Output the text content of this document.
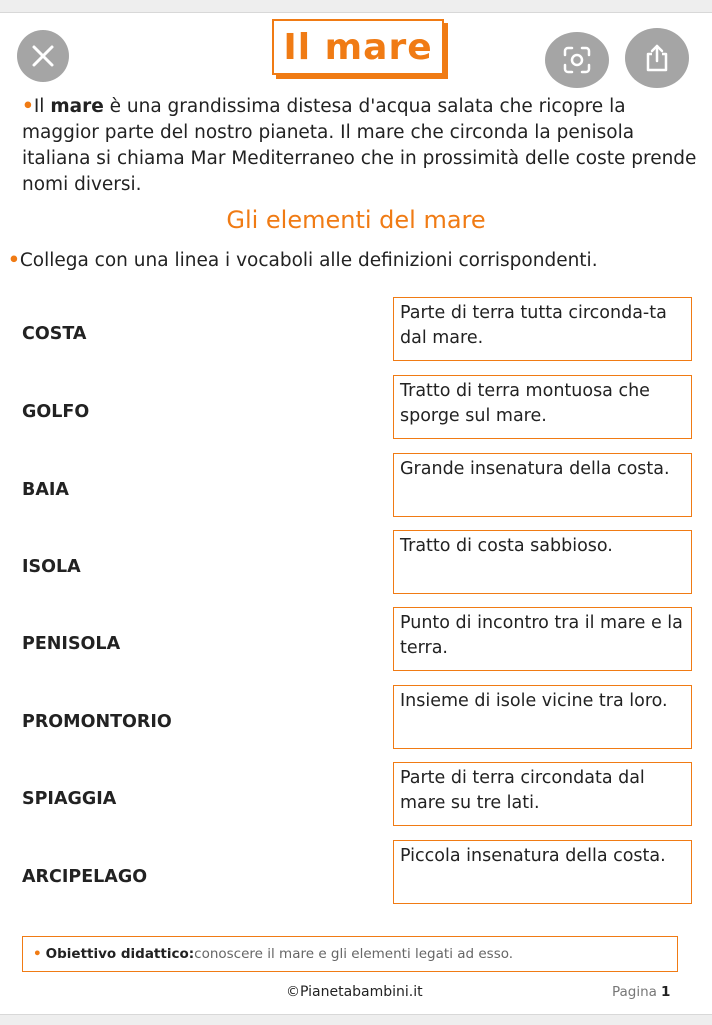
Il mare
•Il mare è una grandissima distesa d'acqua salata che ricopre la maggior parte del nostro pianeta. Il mare che circonda la penisola italiana si chiama Mar Mediterraneo che in prossimità delle coste prende nomi diversi.
Gli elementi del mare
•Collega con una linea i vocaboli alle definizioni corrispondenti.
COSTA
GOLFO
BAIA
ISOLA
PENISOLA
PROMONTORIO
SPIAGGIA
ARCIPELAGO
Parte di terra tutta circonda-ta dal mare.
Tratto di terra montuosa che sporge sul mare.
Grande insenatura della costa.
Tratto di costa sabbioso.
Punto di incontro tra il mare e la terra.
Insieme di isole vicine tra loro.
Parte di terra circondata dal mare su tre lati.
Piccola insenatura della costa.
• Obiettivo didattico: conoscere il mare e gli elementi legati ad esso.
©Pianetabambini.it	Pagina 1
